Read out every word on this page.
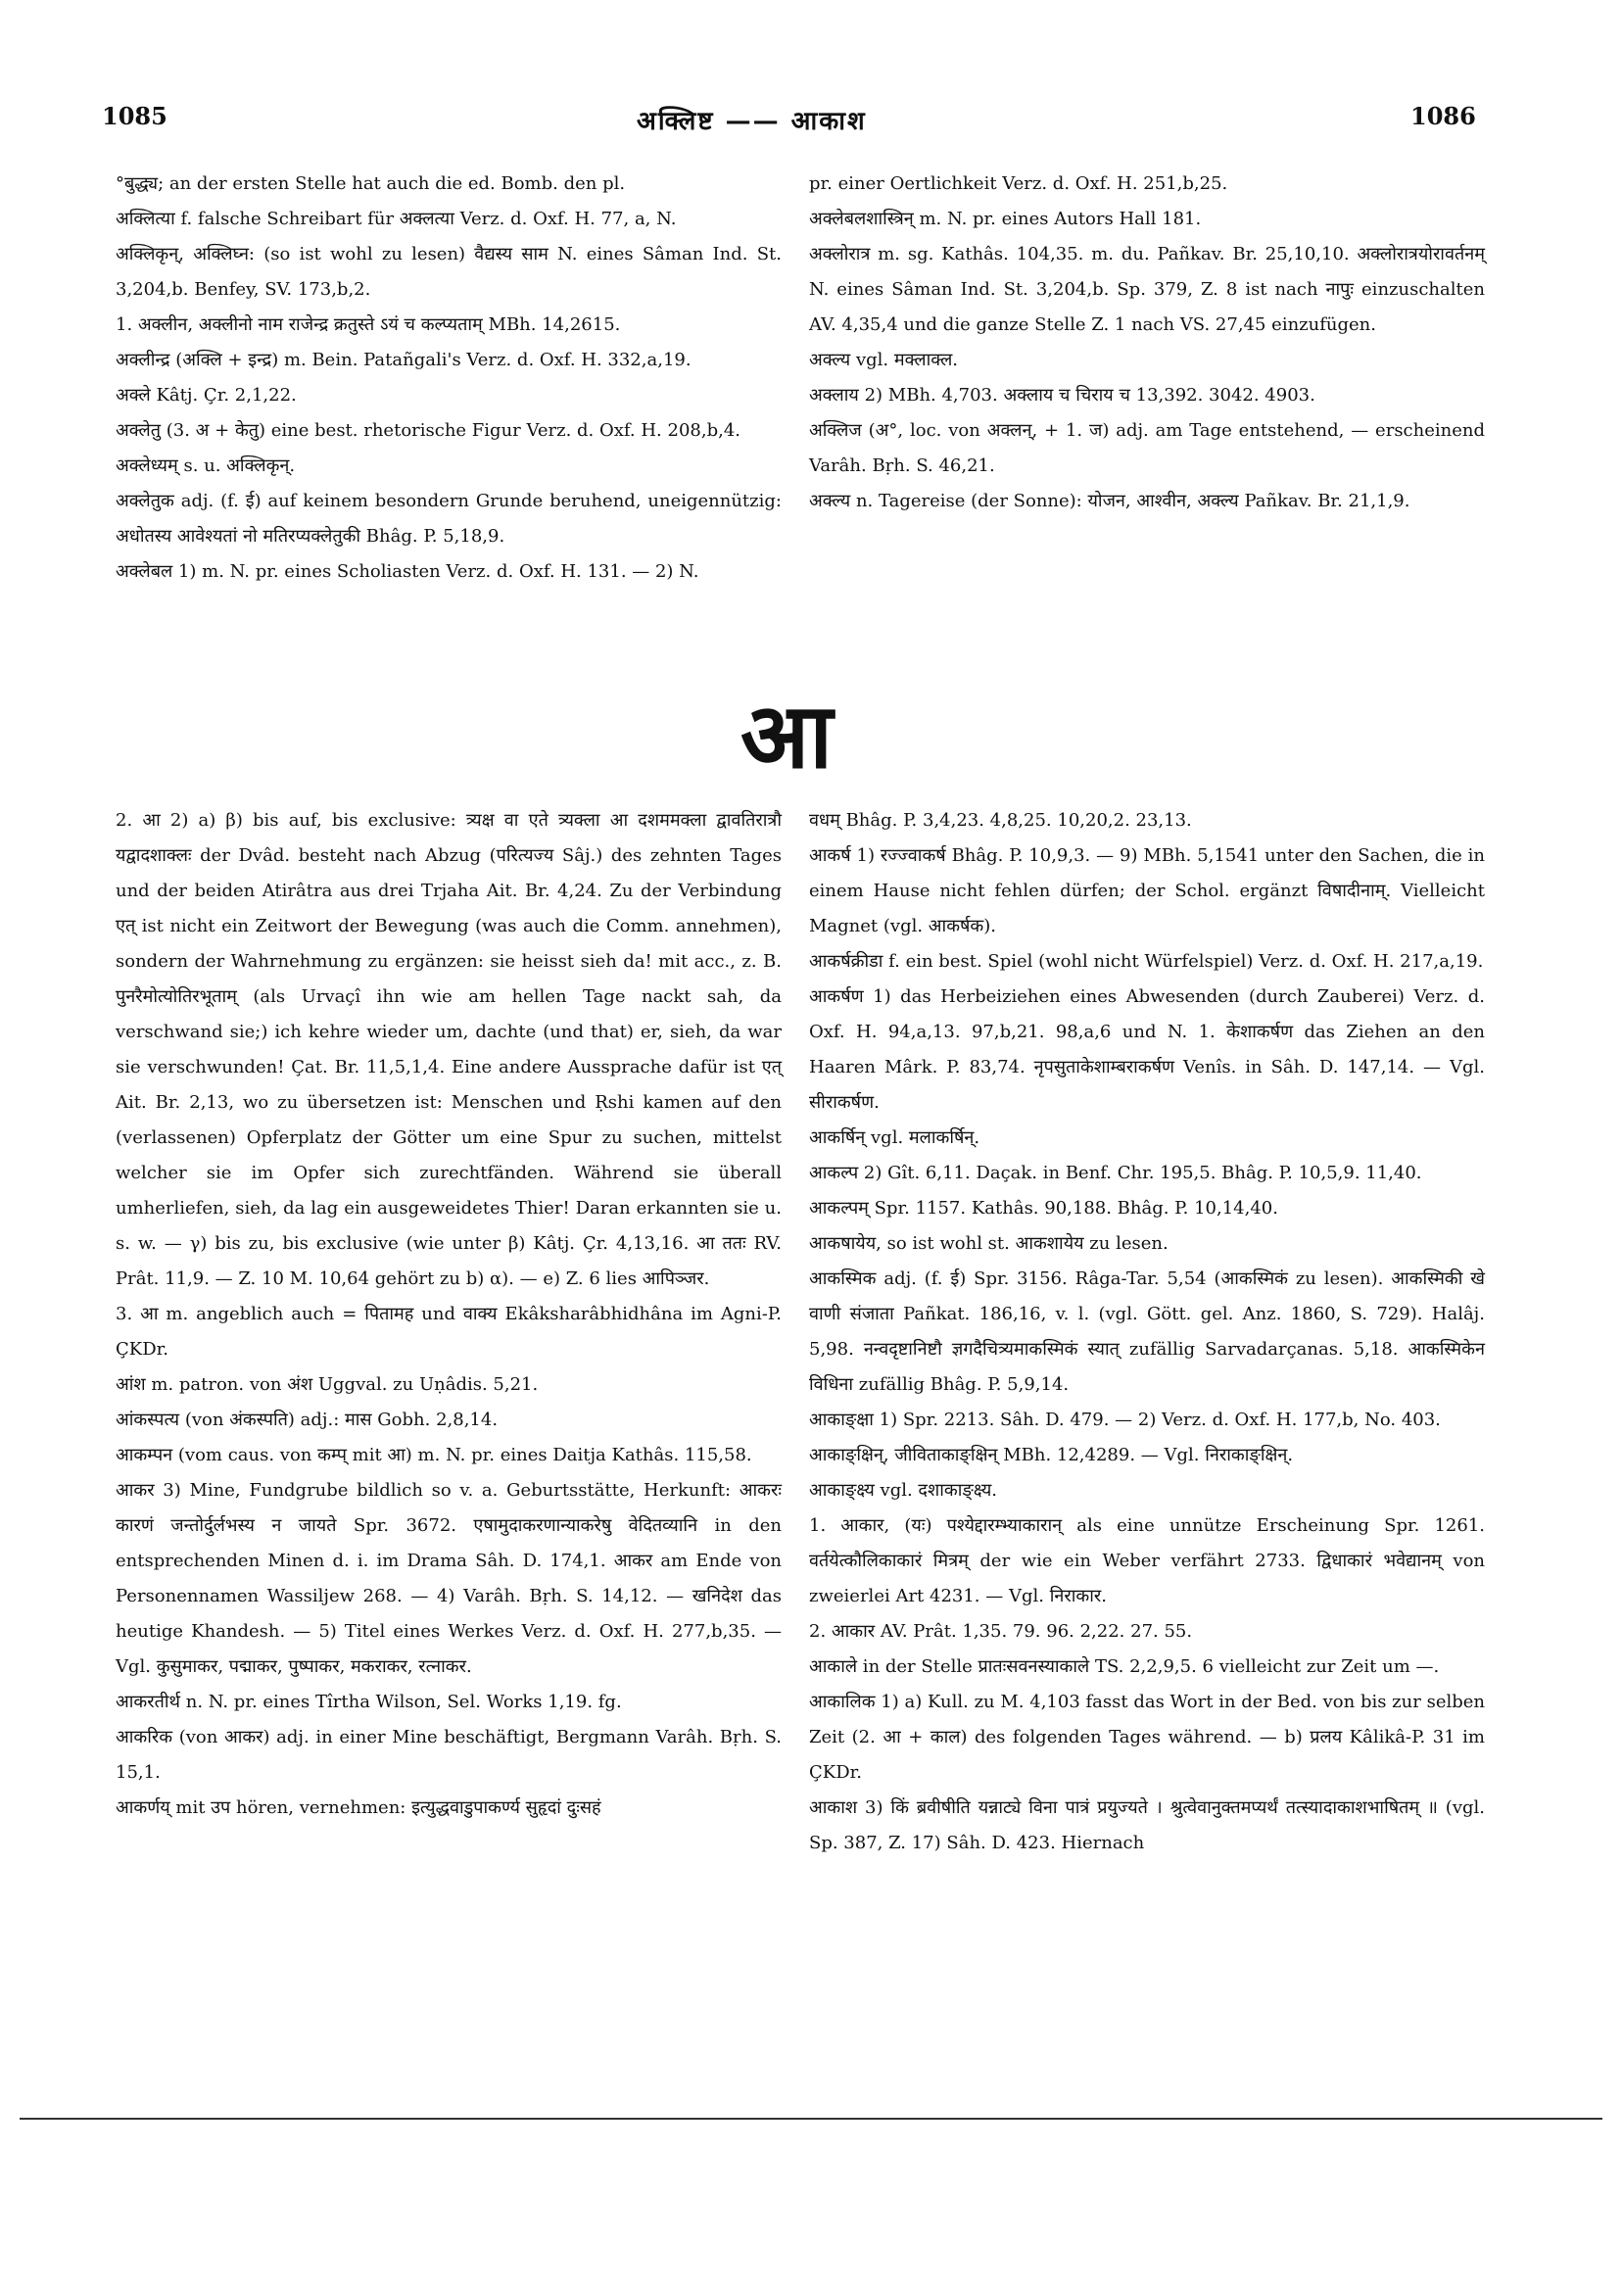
1085	अक्लिष्ट —— आकाश	1086

°बुद्ध्य; an der ersten Stelle hat auch die ed. Bomb. den pl.

अक्लित्या f. falsche Schreibart für अक्लत्या Verz. d. Oxf. H. 77, a, N.

अक्लिकृन्, अक्लिघ्न: (so ist wohl zu lesen) वैद्यस्य साम N. eines Sâman Ind. St. 3,204,b. Benfey, SV. 173,b,2.

1. अक्लीन, अक्लीनो नाम राजेन्द्र क्रतुस्ते ऽयं च कल्प्यताम् MBh. 14,2615.

अक्लीन्द्र (अक्लि + इन्द्र) m. Bein. Patañgali's Verz. d. Oxf. H. 332,a,19.

अक्ले Kâtj. Çr. 2,1,22.

अक्लेतु (3. अ + केतु) eine best. rhetorische Figur Verz. d. Oxf. H. 208,b,4.

अक्लेध्यम् s. u. अक्लिकृन्.

अक्लेतुक adj. (f. ई) auf keinem besondern Grunde beruhend, uneigennützig: अधोतस्य आवेश्यतां नो मतिरप्यक्लेतुकी Bhâg. P. 5,18,9.

अक्लेबल 1) m. N. pr. eines Scholiasten Verz. d. Oxf. H. 131. — 2) N.

pr. einer Oertlichkeit Verz. d. Oxf. H. 251,b,25.

अक्लेबलशास्त्रिन् m. N. pr. eines Autors Hall 181.

अक्लोरात्र m. sg. Kathâs. 104,35. m. du. Pañkav. Br. 25,10,10. अक्लोरात्रयोरावर्तनम् N. eines Sâman Ind. St. 3,204,b. Sp. 379, Z. 8 ist nach नापुः einzuschalten AV. 4,35,4 und die ganze Stelle Z. 1 nach VS. 27,45 einzufügen.

अक्ल्य vgl. मक्लाक्ल.

अक्लाय 2) MBh. 4,703. अक्लाय च चिराय च 13,392. 3042. 4903.

अक्लिज (अ°, loc. von अक्लन्, + 1. ज) adj. am Tage entstehend, — erscheinend Varâh. Bṛh. S. 46,21.

अक्ल्य n. Tagereise (der Sonne): योजन, आश्वीन, अक्ल्य Pañkav. Br. 21,1,9.

आ

2. आ 2) a) β) bis auf, bis exclusive: त्र्यक्ष वा एते त्र्यक्ला आ दशममक्ला द्वावतिरात्रौ यद्वादशाक्लः der Dvâd. besteht nach Abzug (परित्यज्य Sâj.) des zehnten Tages und der beiden Atirâtra aus drei Trjaha Ait. Br. 4,24. Zu der Verbindung एत् ist nicht ein Zeitwort der Bewegung (was auch die Comm. annehmen), sondern der Wahrnehmung zu ergänzen: sie heisst sieh da! mit acc., z. B. पुनरैमोत्योतिरभूताम् (als Urvaçî ihn wie am hellen Tage nackt sah, da verschwand sie;) ich kehre wieder um, dachte (und that) er, sieh, da war sie verschwunden! Çat. Br. 11,5,1,4. Eine andere Aussprache dafür ist एत् Ait. Br. 2,13, wo zu übersetzen ist: Menschen und Ṛshi kamen auf den (verlassenen) Opferplatz der Götter um eine Spur zu suchen, mittelst welcher sie im Opfer sich zurechtfänden. Während sie überall umherliefen, sieh, da lag ein ausgeweidetes Thier! Daran erkannten sie u. s. w. — γ) bis zu, bis exclusive (wie unter β) Kâtj. Çr. 4,13,16. आ ततः RV. Prât. 11,9. — Z. 10 M. 10,64 gehört zu b) α). — e) Z. 6 lies आपिञ्जर.

3. आ m. angeblich auch = पितामह und वाक्य Ekâksharâbhidhâna im Agni-P. ÇKDr.

आंश m. patron. von अंश Uggval. zu Uṇâdis. 5,21.

आंकस्पत्य (von अंकस्पति) adj.: मास Gobh. 2,8,14.

आकम्पन (vom caus. von कम्प् mit आ) m. N. pr. eines Daitja Kathâs. 115,58.

आकर 3) Mine, Fundgrube bildlich so v. a. Geburtsstätte, Herkunft: आकरः कारणं जन्तोर्दुर्लभस्य न जायते Spr. 3672. एषामुदाकरणान्याकरेषु वेदितव्यानि in den entsprechenden Minen d. i. im Drama Sâh. D. 174,1. आकर am Ende von Personennamen Wassiljew 268. — 4) Varâh. Bṛh. S. 14,12. — खनिदेश das heutige Khandesh. — 5) Titel eines Werkes Verz. d. Oxf. H. 277,b,35. — Vgl. कुसुमाकर, पद्माकर, पुष्पाकर, मकराकर, रत्नाकर.

आकरतीर्थ n. N. pr. eines Tîrtha Wilson, Sel. Works 1,19. fg.

आकरिक (von आकर) adj. in einer Mine beschäftigt, Bergmann Varâh. Bṛh. S. 15,1.

आकर्णय् mit उप hören, vernehmen: इत्युद्धवाडुपाकर्ण्य सुहृदां दुःसहं

वधम् Bhâg. P. 3,4,23. 4,8,25. 10,20,2. 23,13.

आकर्ष 1) रज्ज्वाकर्ष Bhâg. P. 10,9,3. — 9) MBh. 5,1541 unter den Sachen, die in einem Hause nicht fehlen dürfen; der Schol. ergänzt विषादीनाम्. Vielleicht Magnet (vgl. आकर्षक).

आकर्षक्रीडा f. ein best. Spiel (wohl nicht Würfelspiel) Verz. d. Oxf. H. 217,a,19.

आकर्षण 1) das Herbeiziehen eines Abwesenden (durch Zauberei) Verz. d. Oxf. H. 94,a,13. 97,b,21. 98,a,6 und N. 1. केशाकर्षण das Ziehen an den Haaren Mârk. P. 83,74. नृपसुताकेशाम्बराकर्षण Venîs. in Sâh. D. 147,14. — Vgl. सीराकर्षण.

आकर्षिन् vgl. मलाकर्षिन्.

आकल्प 2) Gît. 6,11. Daçak. in Benf. Chr. 195,5. Bhâg. P. 10,5,9. 11,40.

आकल्पम् Spr. 1157. Kathâs. 90,188. Bhâg. P. 10,14,40.

आकषायेय, so ist wohl st. आकशायेय zu lesen.

आकस्मिक adj. (f. ई) Spr. 3156. Râga-Tar. 5,54 (आकस्मिकं zu lesen). आकस्मिकी खे वाणी संजाता Pañkat. 186,16, v. l. (vgl. Gött. gel. Anz. 1860, S. 729). Halâj. 5,98. नन्वदृष्टानिष्टौ ज्ञगदैचित्र्यमाकस्मिकं स्यात् zufällig Sarvadarçanas. 5,18. आकस्मिकेन विधिना zufällig Bhâg. P. 5,9,14.

आकाङ्क्षा 1) Spr. 2213. Sâh. D. 479. — 2) Verz. d. Oxf. H. 177,b, No. 403.

आकाङ्क्षिन्, जीविताकाङ्क्षिन् MBh. 12,4289. — Vgl. निराकाङ्क्षिन्.

आकाङ्क्ष्य vgl. दशाकाङ्क्ष्य.

1. आकार, (यः) पश्येद्दारम्भ्याकारान् als eine unnütze Erscheinung Spr. 1261. वर्तयेत्कौलिकाकारं मित्रम् der wie ein Weber verfährt 2733. द्विधाकारं भवेद्यानम् von zweierlei Art 4231. — Vgl. निराकार.

2. आकार AV. Prât. 1,35. 79. 96. 2,22. 27. 55.

आकाले in der Stelle प्रातःसवनस्याकाले TS. 2,2,9,5. 6 vielleicht zur Zeit um —.

आकालिक 1) a) Kull. zu M. 4,103 fasst das Wort in der Bed. von bis zur selben Zeit (2. आ + काल) des folgenden Tages während. — b) प्रलय Kâlikâ-P. 31 im ÇKDr.

आकाश 3) किं ब्रवीषीति यन्नाट्ये विना पात्रं प्रयुज्यते । श्रुत्वेवानुक्तमप्यर्थं तत्स्यादाकाशभाषितम् ॥ (vgl. Sp. 387, Z. 17) Sâh. D. 423. Hiernach
